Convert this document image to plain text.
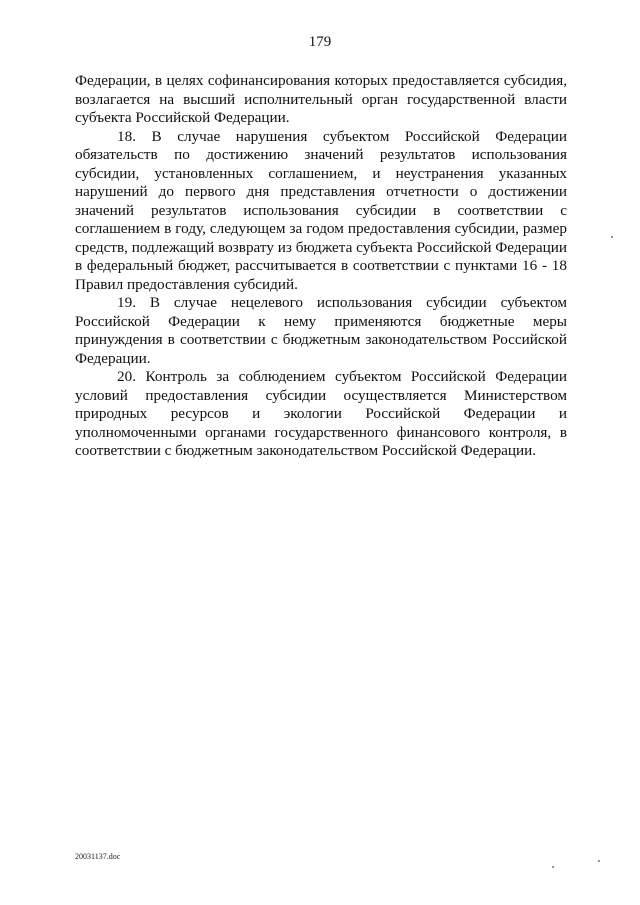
179

Федерации, в целях софинансирования которых предоставляется субсидия, возлагается на высший исполнительный орган государственной власти субъекта Российской Федерации.

18. В случае нарушения субъектом Российской Федерации обязательств по достижению значений результатов использования субсидии, установленных соглашением, и неустранения указанных нарушений до первого дня представления отчетности о достижении значений результатов использования субсидии в соответствии с соглашением в году, следующем за годом предоставления субсидии, размер средств, подлежащий возврату из бюджета субъекта Российской Федерации в федеральный бюджет, рассчитывается в соответствии с пунктами 16 - 18 Правил предоставления субсидий.

19. В случае нецелевого использования субсидии субъектом Российской Федерации к нему применяются бюджетные меры принуждения в соответствии с бюджетным законодательством Российской Федерации.

20. Контроль за соблюдением субъектом Российской Федерации условий предоставления субсидии осуществляется Министерством природных ресурсов и экологии Российской Федерации и уполномоченными органами государственного финансового контроля, в соответствии с бюджетным законодательством Российской Федерации.

20031137.doc
